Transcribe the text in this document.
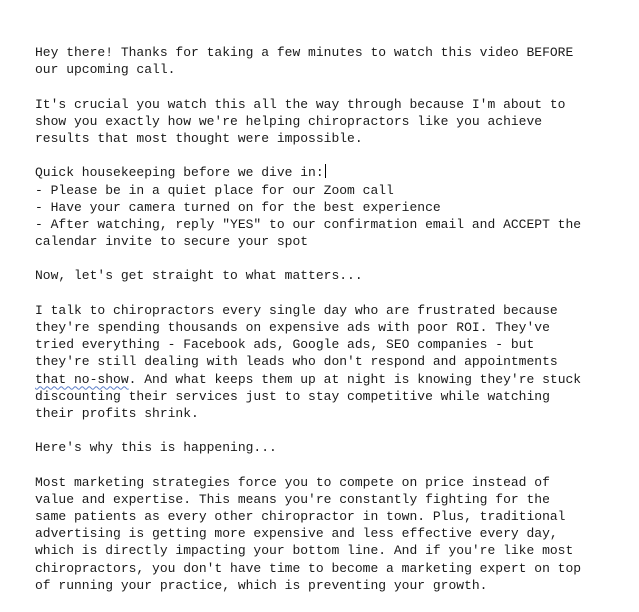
Hey there! Thanks for taking a few minutes to watch this video BEFORE
our upcoming call.
It's crucial you watch this all the way through because I'm about to
show you exactly how we're helping chiropractors like you achieve
results that most thought were impossible.
Quick housekeeping before we dive in:
- Please be in a quiet place for our Zoom call
- Have your camera turned on for the best experience
- After watching, reply "YES" to our confirmation email and ACCEPT the
calendar invite to secure your spot
Now, let's get straight to what matters...
I talk to chiropractors every single day who are frustrated because
they're spending thousands on expensive ads with poor ROI. They've
tried everything - Facebook ads, Google ads, SEO companies - but
they're still dealing with leads who don't respond and appointments
that no-show. And what keeps them up at night is knowing they're stuck
discounting their services just to stay competitive while watching
their profits shrink.
Here's why this is happening...
Most marketing strategies force you to compete on price instead of
value and expertise. This means you're constantly fighting for the
same patients as every other chiropractor in town. Plus, traditional
advertising is getting more expensive and less effective every day,
which is directly impacting your bottom line. And if you're like most
chiropractors, you don't have time to become a marketing expert on top
of running your practice, which is preventing your growth.
